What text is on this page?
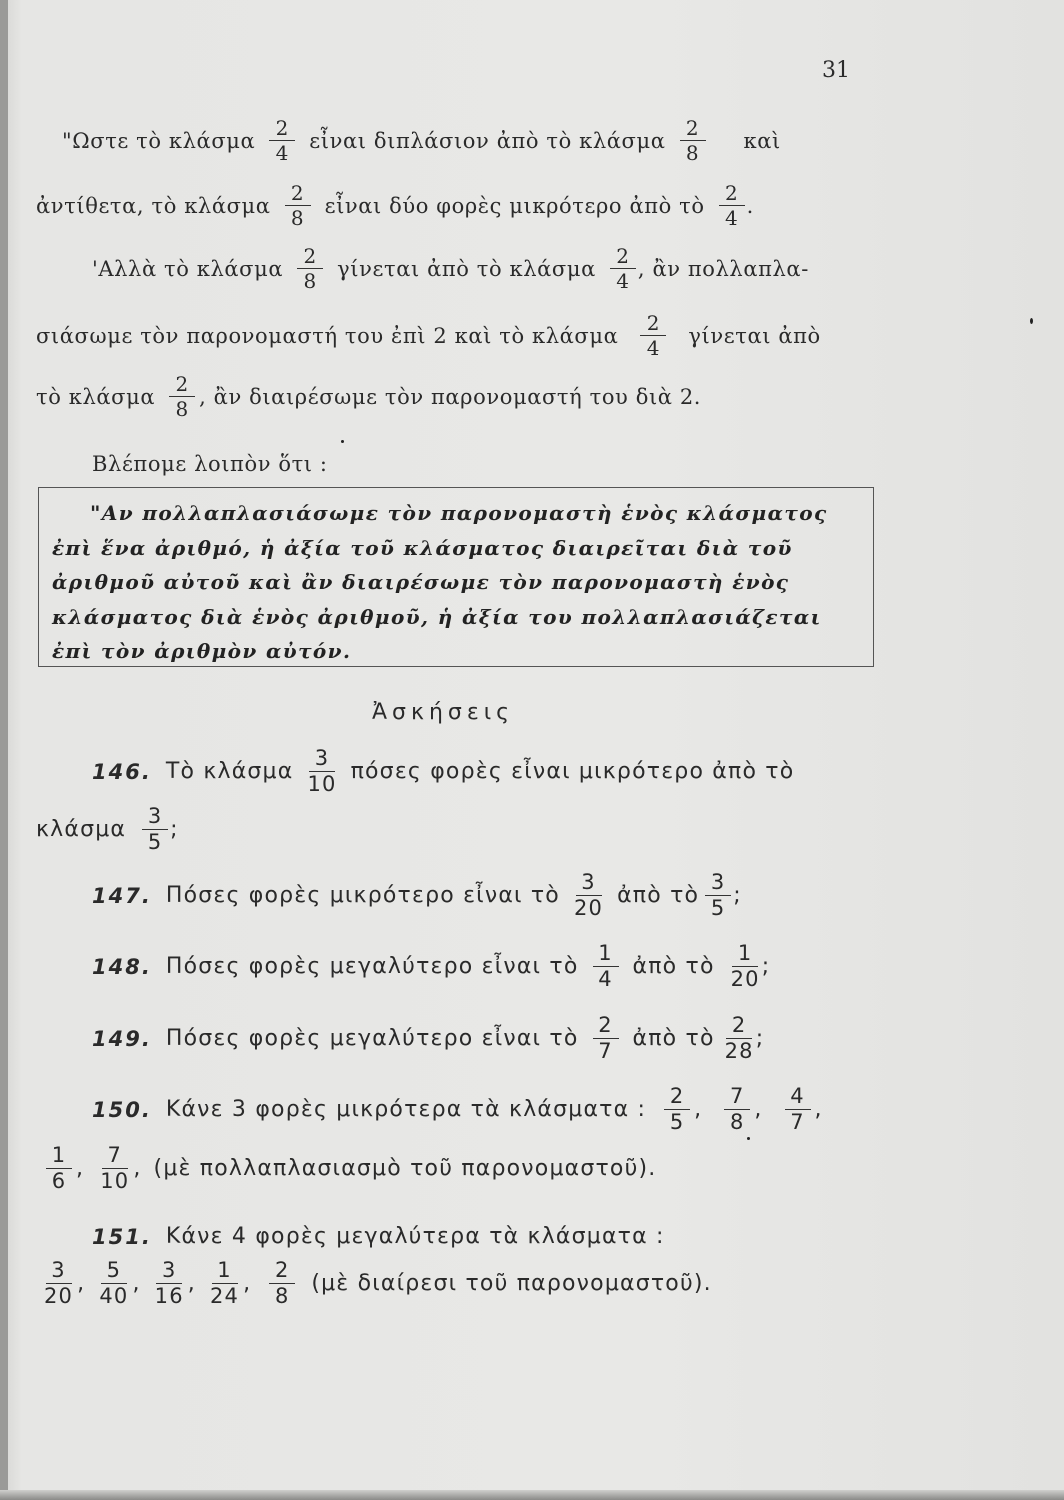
31
"Ωστε τὸ κλάσμα $\frac{2}{4}$ εἶναι διπλάσιον ἀπὸ τὸ κλάσμα $\frac{2}{8}$ καὶ
ἀντίθετα, τὸ κλάσμα $\frac{2}{8}$ εἶναι δύο φορὲς μικρότερο ἀπὸ τὸ $\frac{2}{4}$ .
'Αλλὰ τὸ κλάσμα $\frac{2}{8}$ γίνεται ἀπὸ τὸ κλάσμα $\frac{2}{4}$ , ἂν πολλαπλα-
σιάσωμε τὸν παρονομαστή του ἐπὶ 2 καὶ τὸ κλάσμα $\frac{2}{4}$ γίνεται ἀπὸ
τὸ κλάσμα $\frac{2}{8}$ , ἂν διαιρέσωμε τὸν παρονομαστή του διὰ 2.
Βλέπομε λοιπὸν ὅτι :
"Αν πολλαπλασιάσωμε τὸν παρονομαστὴ ἑνὸς κλάσματος
ἐπὶ ἕνα ἀριθμό, ἡ ἀξία τοῦ κλάσματος διαιρεῖται διὰ τοῦ
ἀριθμοῦ αὐτοῦ καὶ ἂν διαιρέσωμε τὸν παρονομαστὴ ἑνὸς
κλάσματος διὰ ἑνὸς ἀριθμοῦ, ἡ ἀξία του πολλαπλασιάζεται
ἐπὶ τὸν ἀριθμὸν αὐτόν.
Ἀσκήσεις
146. Τὸ κλάσμα $\frac{3}{10}$ πόσες φορὲς εἶναι μικρότερο ἀπὸ τὸ
κλάσμα $\frac{3}{5}$ ;
147. Πόσες φορὲς μικρότερο εἶναι τὸ $\frac{3}{20}$ ἀπὸ τὸ $\frac{3}{5}$ ;
148. Πόσες φορὲς μεγαλύτερο εἶναι τὸ $\frac{1}{4}$ ἀπὸ τὸ $\frac{1}{20}$ ;
149. Πόσες φορὲς μεγαλύτερο εἶναι τὸ $\frac{2}{7}$ ἀπὸ τὸ $\frac{2}{28}$ ;
150. Κάνε 3 φορὲς μικρότερα τὰ κλάσματα : $\frac{2}{5}$ , $\frac{7}{8}$ , $\frac{4}{7}$ ,
$\frac{1}{6}$ , $\frac{7}{10}$ , (μὲ πολλαπλασιασμὸ τοῦ παρονομαστοῦ).
151. Κάνε 4 φορὲς μεγαλύτερα τὰ κλάσματα :
$\frac{3}{20}$ , $\frac{5}{40}$ , $\frac{3}{16}$ , $\frac{1}{24}$ , $\frac{2}{8}$ (μὲ διαίρεσι τοῦ παρονομαστοῦ).
